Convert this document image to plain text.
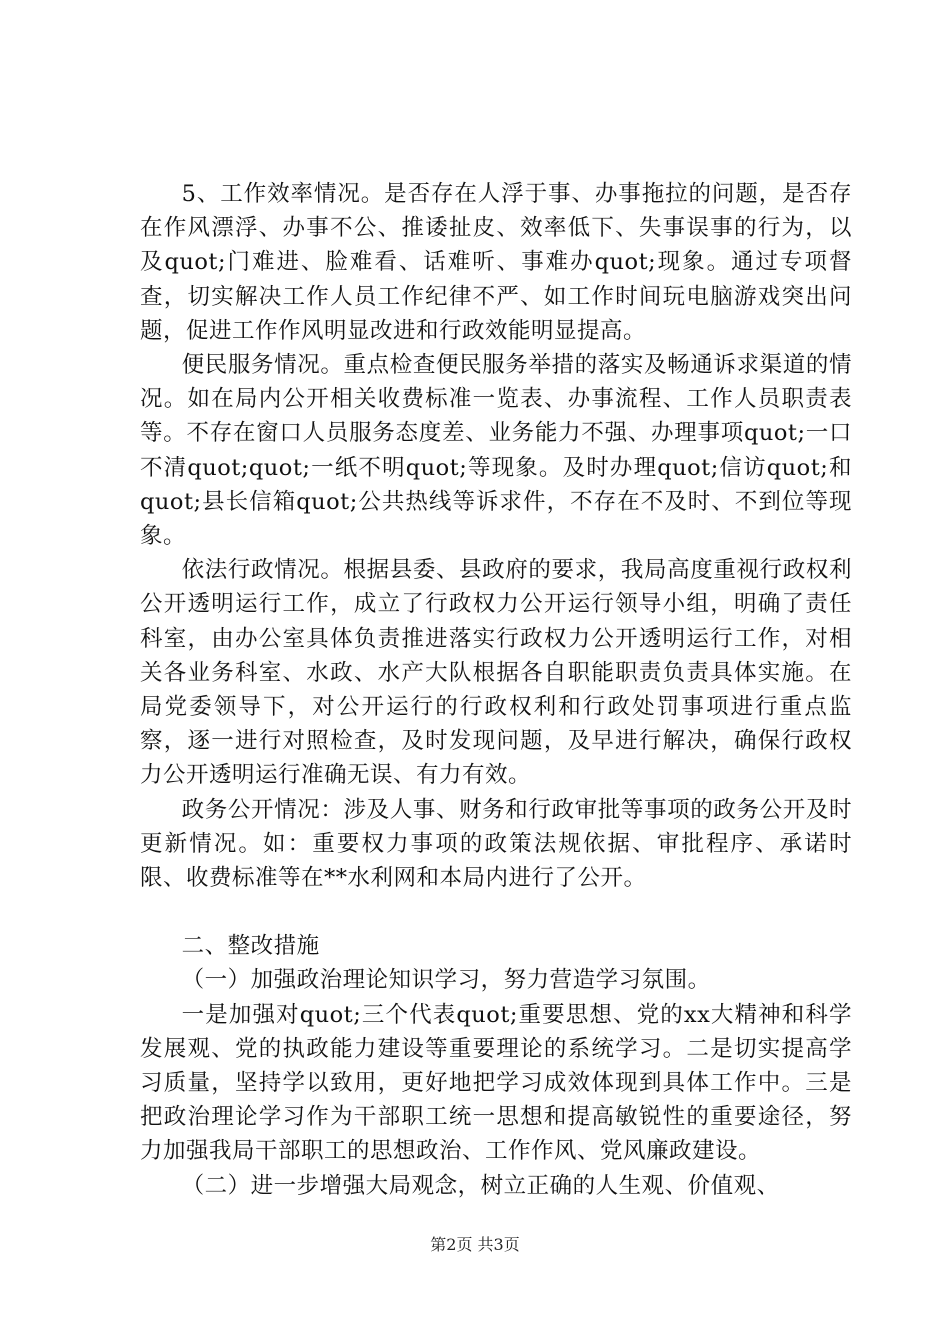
5、工作效率情况。是否存在人浮于事、办事拖拉的问题，是否存在作风漂浮、办事不公、推诿扯皮、效率低下、失事误事的行为，以及quot;门难进、脸难看、话难听、事难办quot;现象。通过专项督查，切实解决工作人员工作纪律不严、如工作时间玩电脑游戏突出问题，促进工作作风明显改进和行政效能明显提高。

便民服务情况。重点检查便民服务举措的落实及畅通诉求渠道的情况。如在局内公开相关收费标准一览表、办事流程、工作人员职责表等。不存在窗口人员服务态度差、业务能力不强、办理事项quot;一口不清quot;quot;一纸不明quot;等现象。及时办理quot;信访quot;和quot;县长信箱quot;公共热线等诉求件，不存在不及时、不到位等现象。

依法行政情况。根据县委、县政府的要求，我局高度重视行政权利公开透明运行工作，成立了行政权力公开运行领导小组，明确了责任科室，由办公室具体负责推进落实行政权力公开透明运行工作，对相关各业务科室、水政、水产大队根据各自职能职责负责具体实施。在局党委领导下，对公开运行的行政权利和行政处罚事项进行重点监察，逐一进行对照检查，及时发现问题，及早进行解决，确保行政权力公开透明运行准确无误、有力有效。

政务公开情况：涉及人事、财务和行政审批等事项的政务公开及时更新情况。如：重要权力事项的政策法规依据、审批程序、承诺时限、收费标准等在**水利网和本局内进行了公开。

二、整改措施

（一）加强政治理论知识学习，努力营造学习氛围。

一是加强对quot;三个代表quot;重要思想、党的xx大精神和科学发展观、党的执政能力建设等重要理论的系统学习。二是切实提高学习质量，坚持学以致用，更好地把学习成效体现到具体工作中。三是把政治理论学习作为干部职工统一思想和提高敏锐性的重要途径，努力加强我局干部职工的思想政治、工作作风、党风廉政建设。

（二）进一步增强大局观念，树立正确的人生观、价值观、

第2页 共3页
